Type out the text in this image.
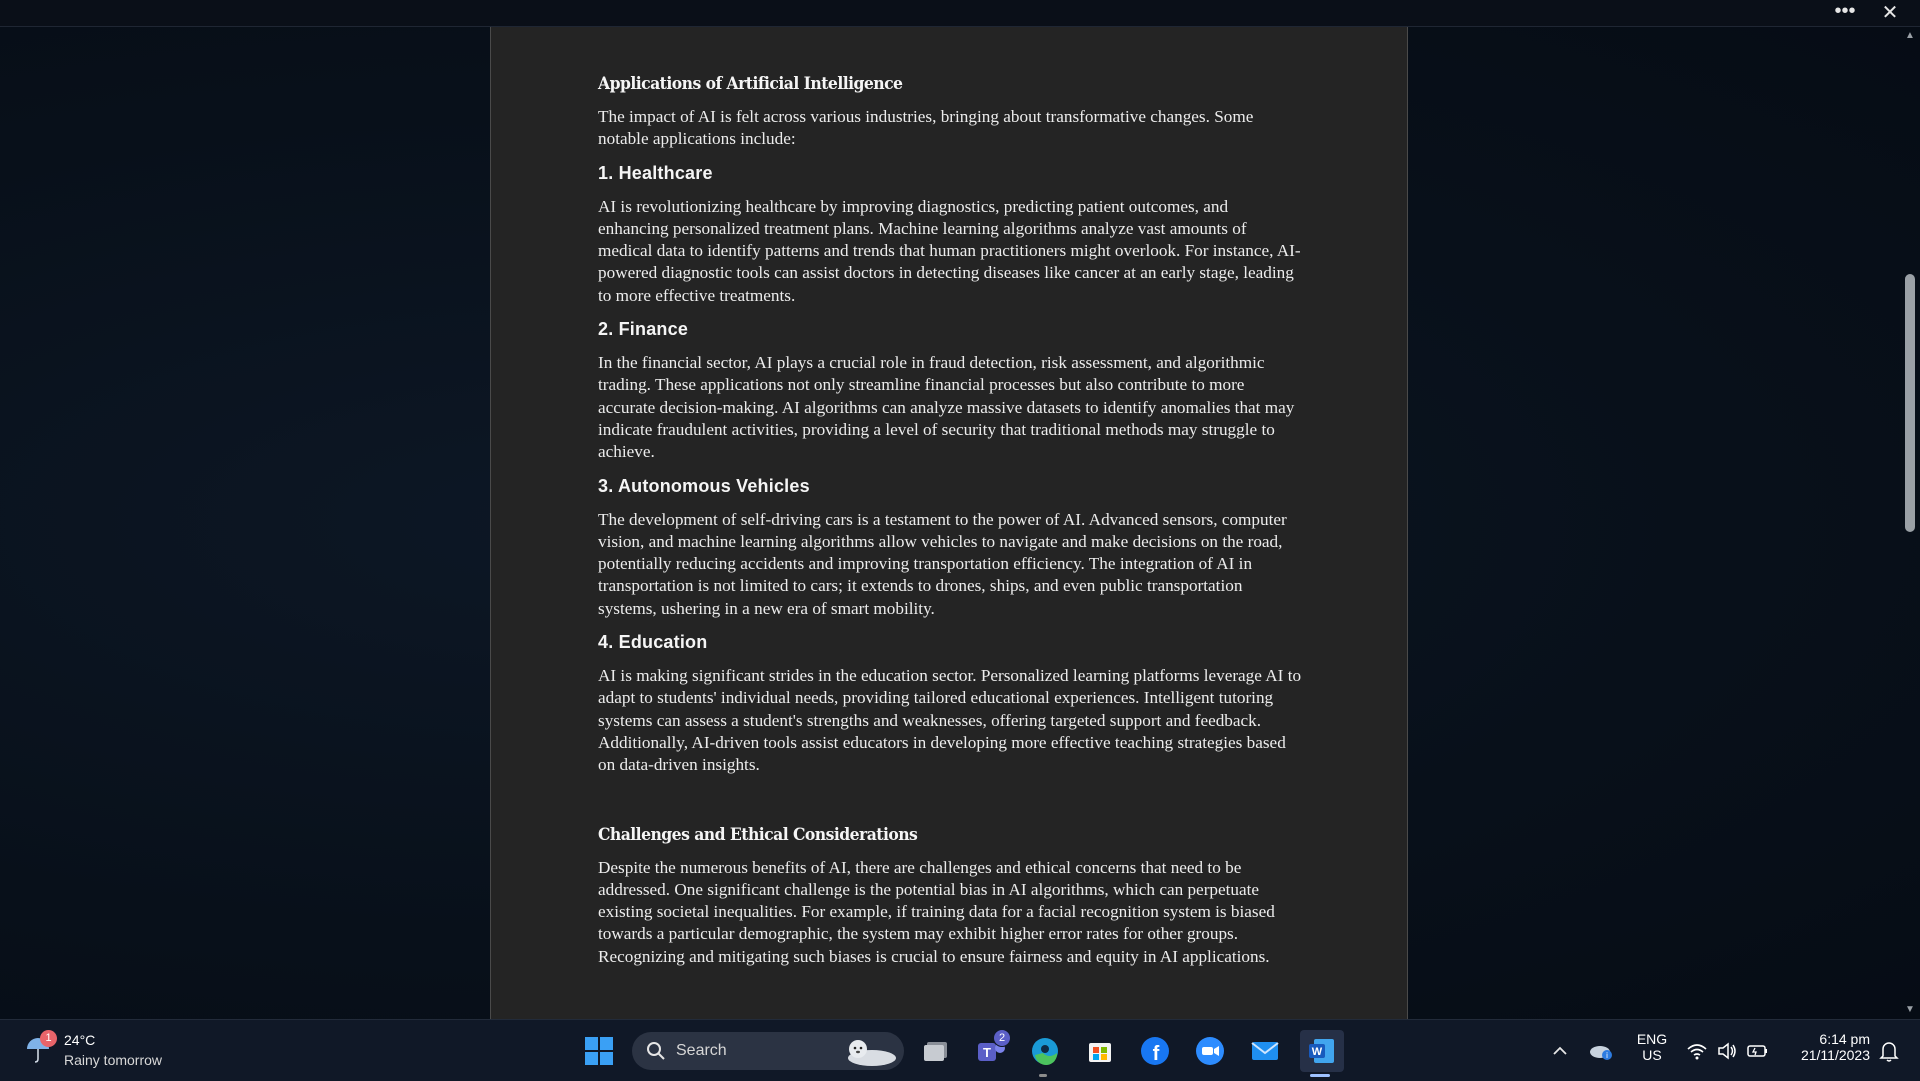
••• ✕
Applications of Artificial Intelligence

The impact of AI is felt across various industries, bringing about transformative changes. Some notable applications include:

1. Healthcare

AI is revolutionizing healthcare by improving diagnostics, predicting patient outcomes, and enhancing personalized treatment plans. Machine learning algorithms analyze vast amounts of medical data to identify patterns and trends that human practitioners might overlook. For instance, AI-powered diagnostic tools can assist doctors in detecting diseases like cancer at an early stage, leading to more effective treatments.

2. Finance

In the financial sector, AI plays a crucial role in fraud detection, risk assessment, and algorithmic trading. These applications not only streamline financial processes but also contribute to more accurate decision-making. AI algorithms can analyze massive datasets to identify anomalies that may indicate fraudulent activities, providing a level of security that traditional methods may struggle to achieve.

3. Autonomous Vehicles

The development of self-driving cars is a testament to the power of AI. Advanced sensors, computer vision, and machine learning algorithms allow vehicles to navigate and make decisions on the road, potentially reducing accidents and improving transportation efficiency. The integration of AI in transportation is not limited to cars; it extends to drones, ships, and even public transportation systems, ushering in a new era of smart mobility.

4. Education

AI is making significant strides in the education sector. Personalized learning platforms leverage AI to adapt to students' individual needs, providing tailored educational experiences. Intelligent tutoring systems can assess a student's strengths and weaknesses, offering targeted support and feedback. Additionally, AI-driven tools assist educators in developing more effective teaching strategies based on data-driven insights.

Challenges and Ethical Considerations

Despite the numerous benefits of AI, there are challenges and ethical concerns that need to be addressed. One significant challenge is the potential bias in AI algorithms, which can perpetuate existing societal inequalities. For example, if training data for a facial recognition system is biased towards a particular demographic, the system may exhibit higher error rates for other groups. Recognizing and mitigating such biases is crucial to ensure fairness and equity in AI applications.

▲
▼
1 24°C
Rainy tomorrow
Search	T
2
f	W	i
ENG
US
6:14 pm
21/11/2023
